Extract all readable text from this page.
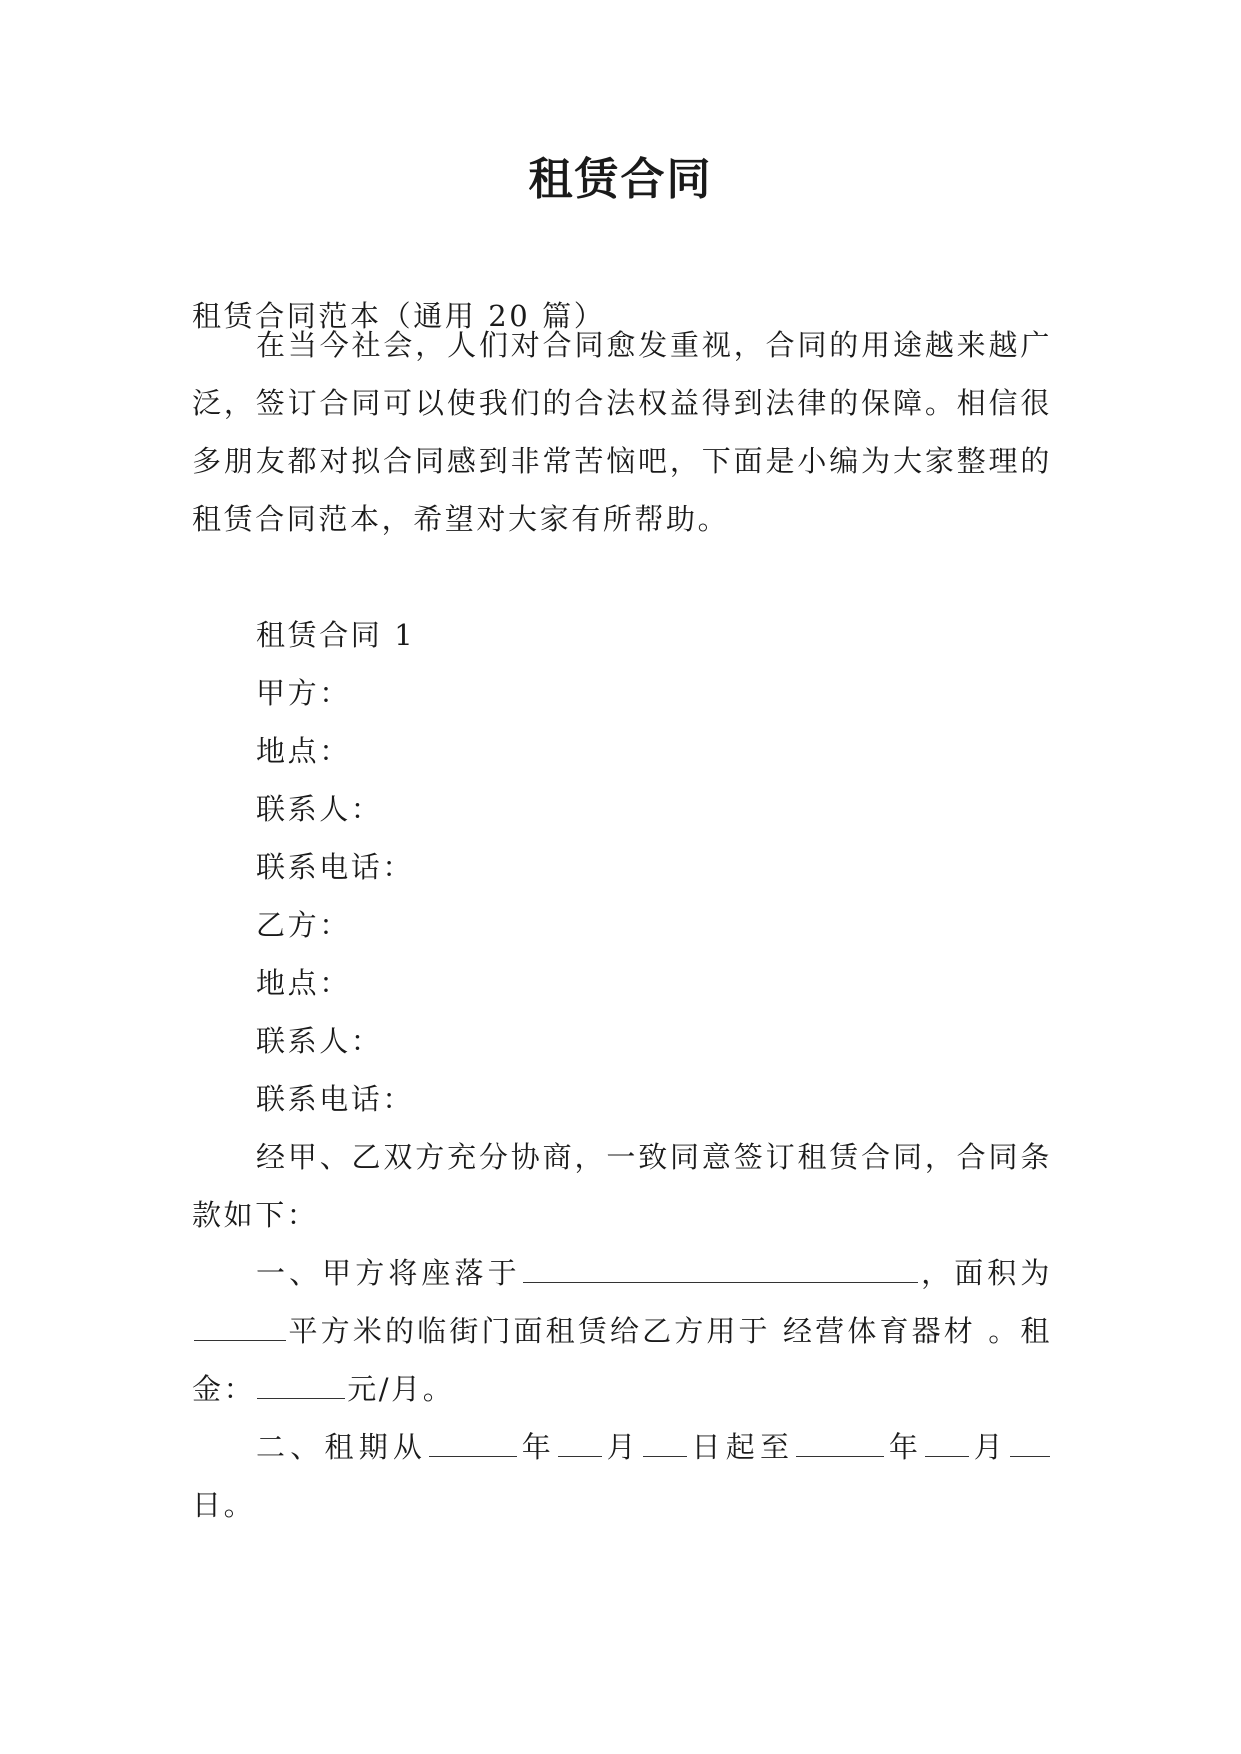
租赁合同
租赁合同范本（通用 20 篇）

在当今社会，人们对合同愈发重视，合同的用途越来越广泛，签订合同可以使我们的合法权益得到法律的保障。相信很多朋友都对拟合同感到非常苦恼吧，下面是小编为大家整理的租赁合同范本，希望对大家有所帮助。

租赁合同 1
甲方：
地点：
联系人：
联系电话：
乙方：
地点：
联系人：
联系电话：

经甲、乙双方充分协商，一致同意签订租赁合同，合同条款如下：

一、甲方将座落于	，面积为平方米的临街门面租赁给乙方用于 经营体育器材 。租金：	元/月。

二、租期从	年 月 日起至	年 月日。
